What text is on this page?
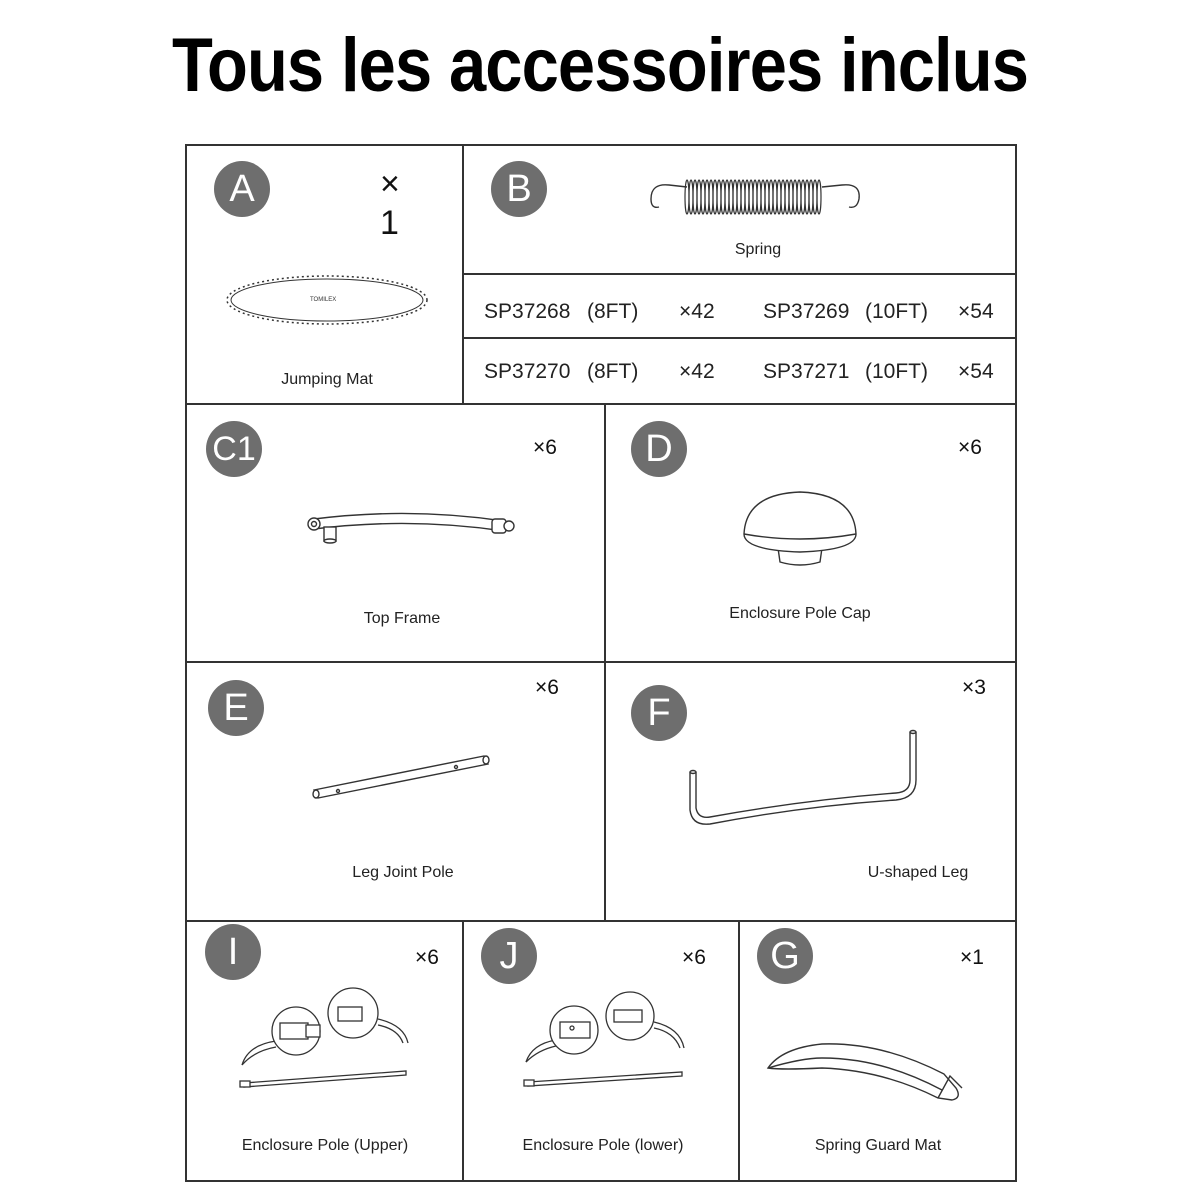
Tous les accessoires inclus
A	× 1
TOMILEX
Jumping Mat
B
Spring
SP37268 (8FT) ×42 SP37269 (10FT) ×54
SP37270 (8FT) ×42 SP37271 (10FT) ×54
C1	×6
Top Frame
D	×6
Enclosure Pole Cap
E	×6
Leg Joint Pole
F
×3
U-shaped Leg
I	×6
Enclosure Pole (Upper)
J	×6
Enclosure Pole (lower)
G	×1
Spring Guard Mat
